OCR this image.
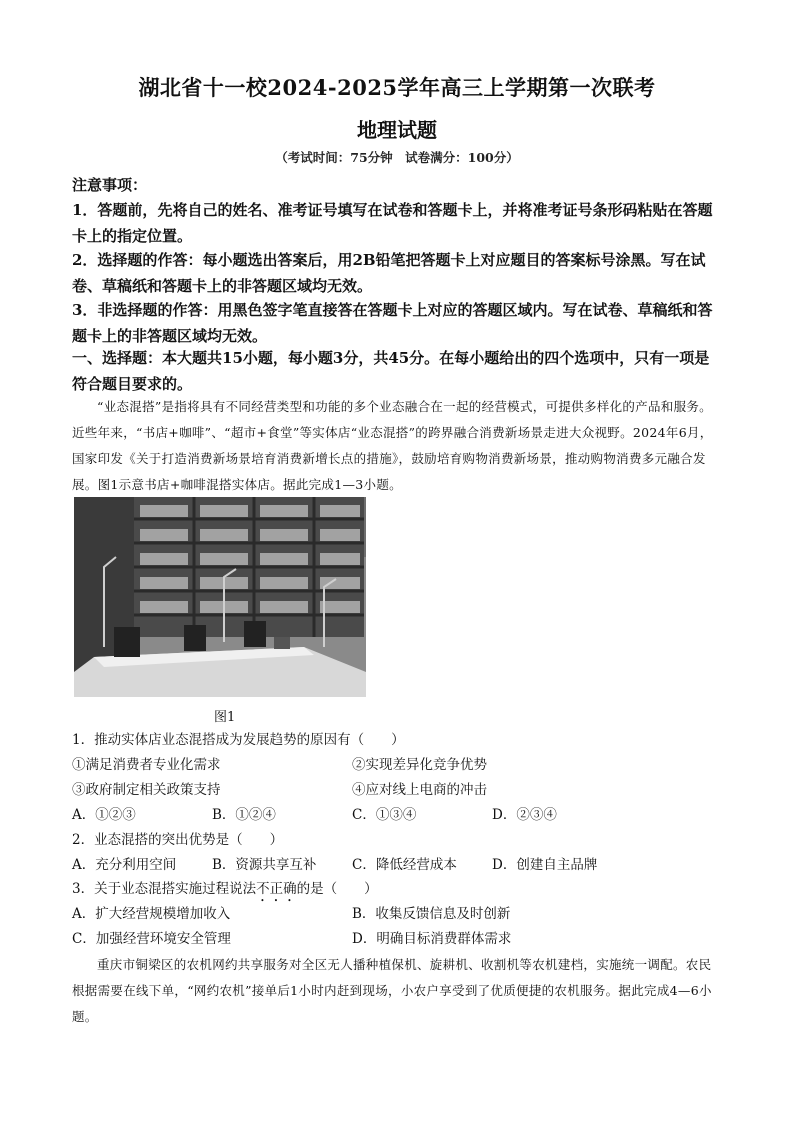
湖北省十一校2024-2025学年高三上学期第一次联考
地理试题
（考试时间：75分钟　试卷满分：100分）
注意事项：
1．答题前，先将自己的姓名、准考证号填写在试卷和答题卡上，并将准考证号条形码粘贴在答题卡上的指定位置。
2．选择题的作答：每小题选出答案后，用2B铅笔把答题卡上对应题目的答案标号涂黑。写在试卷、草稿纸和答题卡上的非答题区域均无效。
3．非选择题的作答：用黑色签字笔直接答在答题卡上对应的答题区域内。写在试卷、草稿纸和答题卡上的非答题区域均无效。
一、选择题：本大题共15小题，每小题3分，共45分。在每小题给出的四个选项中，只有一项是符合题目要求的。
“业态混搭”是指将具有不同经营类型和功能的多个业态融合在一起的经营模式，可提供多样化的产品和服务。近些年来，“书店+咖啡”、“超市+食堂”等实体店“业态混搭”的跨界融合消费新场景走进大众视野。2024年6月，国家印发《关于打造消费新场景培育消费新增长点的措施》，鼓励培育购物消费新场景，推动购物消费多元融合发展。图1示意书店+咖啡混搭实体店。据此完成1—3小题。
图1
1．推动实体店业态混搭成为发展趋势的原因有（　　）
①满足消费者专业化需求	②实现差异化竞争优势
③政府制定相关政策支持	④应对线上电商的冲击
A．①②③	B．①②④	C．①③④	D．②③④
2．业态混搭的突出优势是（　　）
A．充分利用空间	B．资源共享互补	C．降低经营成本	D．创建自主品牌
3．关于业态混搭实施过程说法不正确的是（　　）
A．扩大经营规模增加收入	B．收集反馈信息及时创新
C．加强经营环境安全管理	D．明确目标消费群体需求
重庆市铜梁区的农机网约共享服务对全区无人播种植保机、旋耕机、收割机等农机建档，实施统一调配。农民根据需要在线下单，“网约农机”接单后1小时内赶到现场，小农户享受到了优质便捷的农机服务。据此完成4—6小题。
